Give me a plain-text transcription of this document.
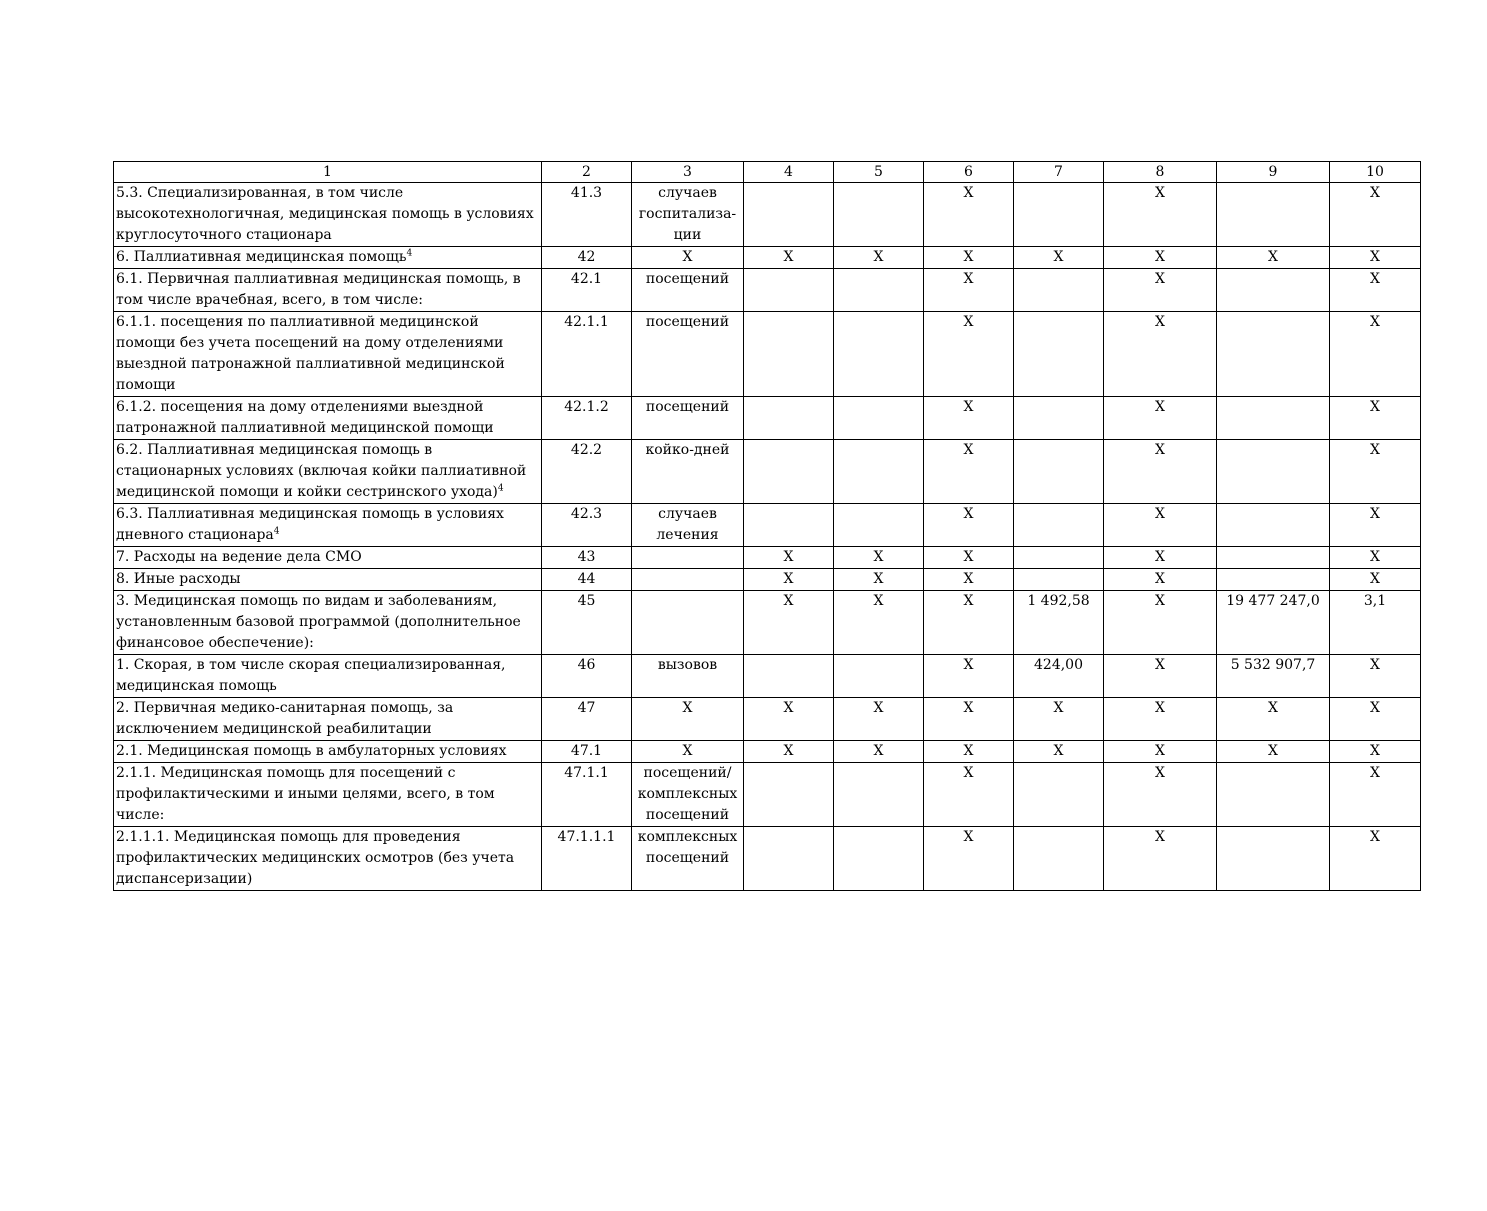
1	2	3	4	5	6	7	8	9	10
5.3. Специализированная, в том числе высокотехнологичная, медицинская помощь в условиях круглосуточного стационара	41.3	случаев госпитализа-ции			X		X		X
6. Паллиативная медицинская помощь$^4$	42	X	X	X	X	X	X	X	X
6.1. Первичная паллиативная медицинская помощь, в том числе врачебная, всего, в том числе:	42.1	посещений			X		X		X
6.1.1. посещения по паллиативной медицинской помощи без учета посещений на дому отделениями выездной патронажной паллиативной медицинской помощи	42.1.1	посещений			X		X		X
6.1.2. посещения на дому отделениями выездной патронажной паллиативной медицинской помощи	42.1.2	посещений			X		X		X
6.2. Паллиативная медицинская помощь в стационарных условиях (включая койки паллиативной медицинской помощи и койки сестринского ухода)$^4$	42.2	койко-дней			X		X		X
6.3. Паллиативная медицинская помощь в условиях дневного стационара$^4$	42.3	случаев лечения			X		X		X
7. Расходы на ведение дела СМО	43		X	X	X		X		X
8. Иные расходы	44		X	X	X		X		X
3. Медицинская помощь по видам и заболеваниям, установленным базовой программой (дополнительное финансовое обеспечение):	45		X	X	X	1 492,58	X	19 477 247,0	3,1
1. Скорая, в том числе скорая специализированная, медицинская помощь	46	вызовов			X	424,00	X	5 532 907,7	X
2. Первичная медико-санитарная помощь, за исключением медицинской реабилитации	47	X	X	X	X	X	X	X	X
2.1. Медицинская помощь в амбулаторных условиях	47.1	X	X	X	X	X	X	X	X
2.1.1. Медицинская помощь для посещений с профилактическими и иными целями, всего, в том числе:	47.1.1	посещений/ комплексных посещений			X		X		X
2.1.1.1. Медицинская помощь для проведения профилактических медицинских осмотров (без учета диспансеризации)	47.1.1.1	комплексных посещений			X		X		X
